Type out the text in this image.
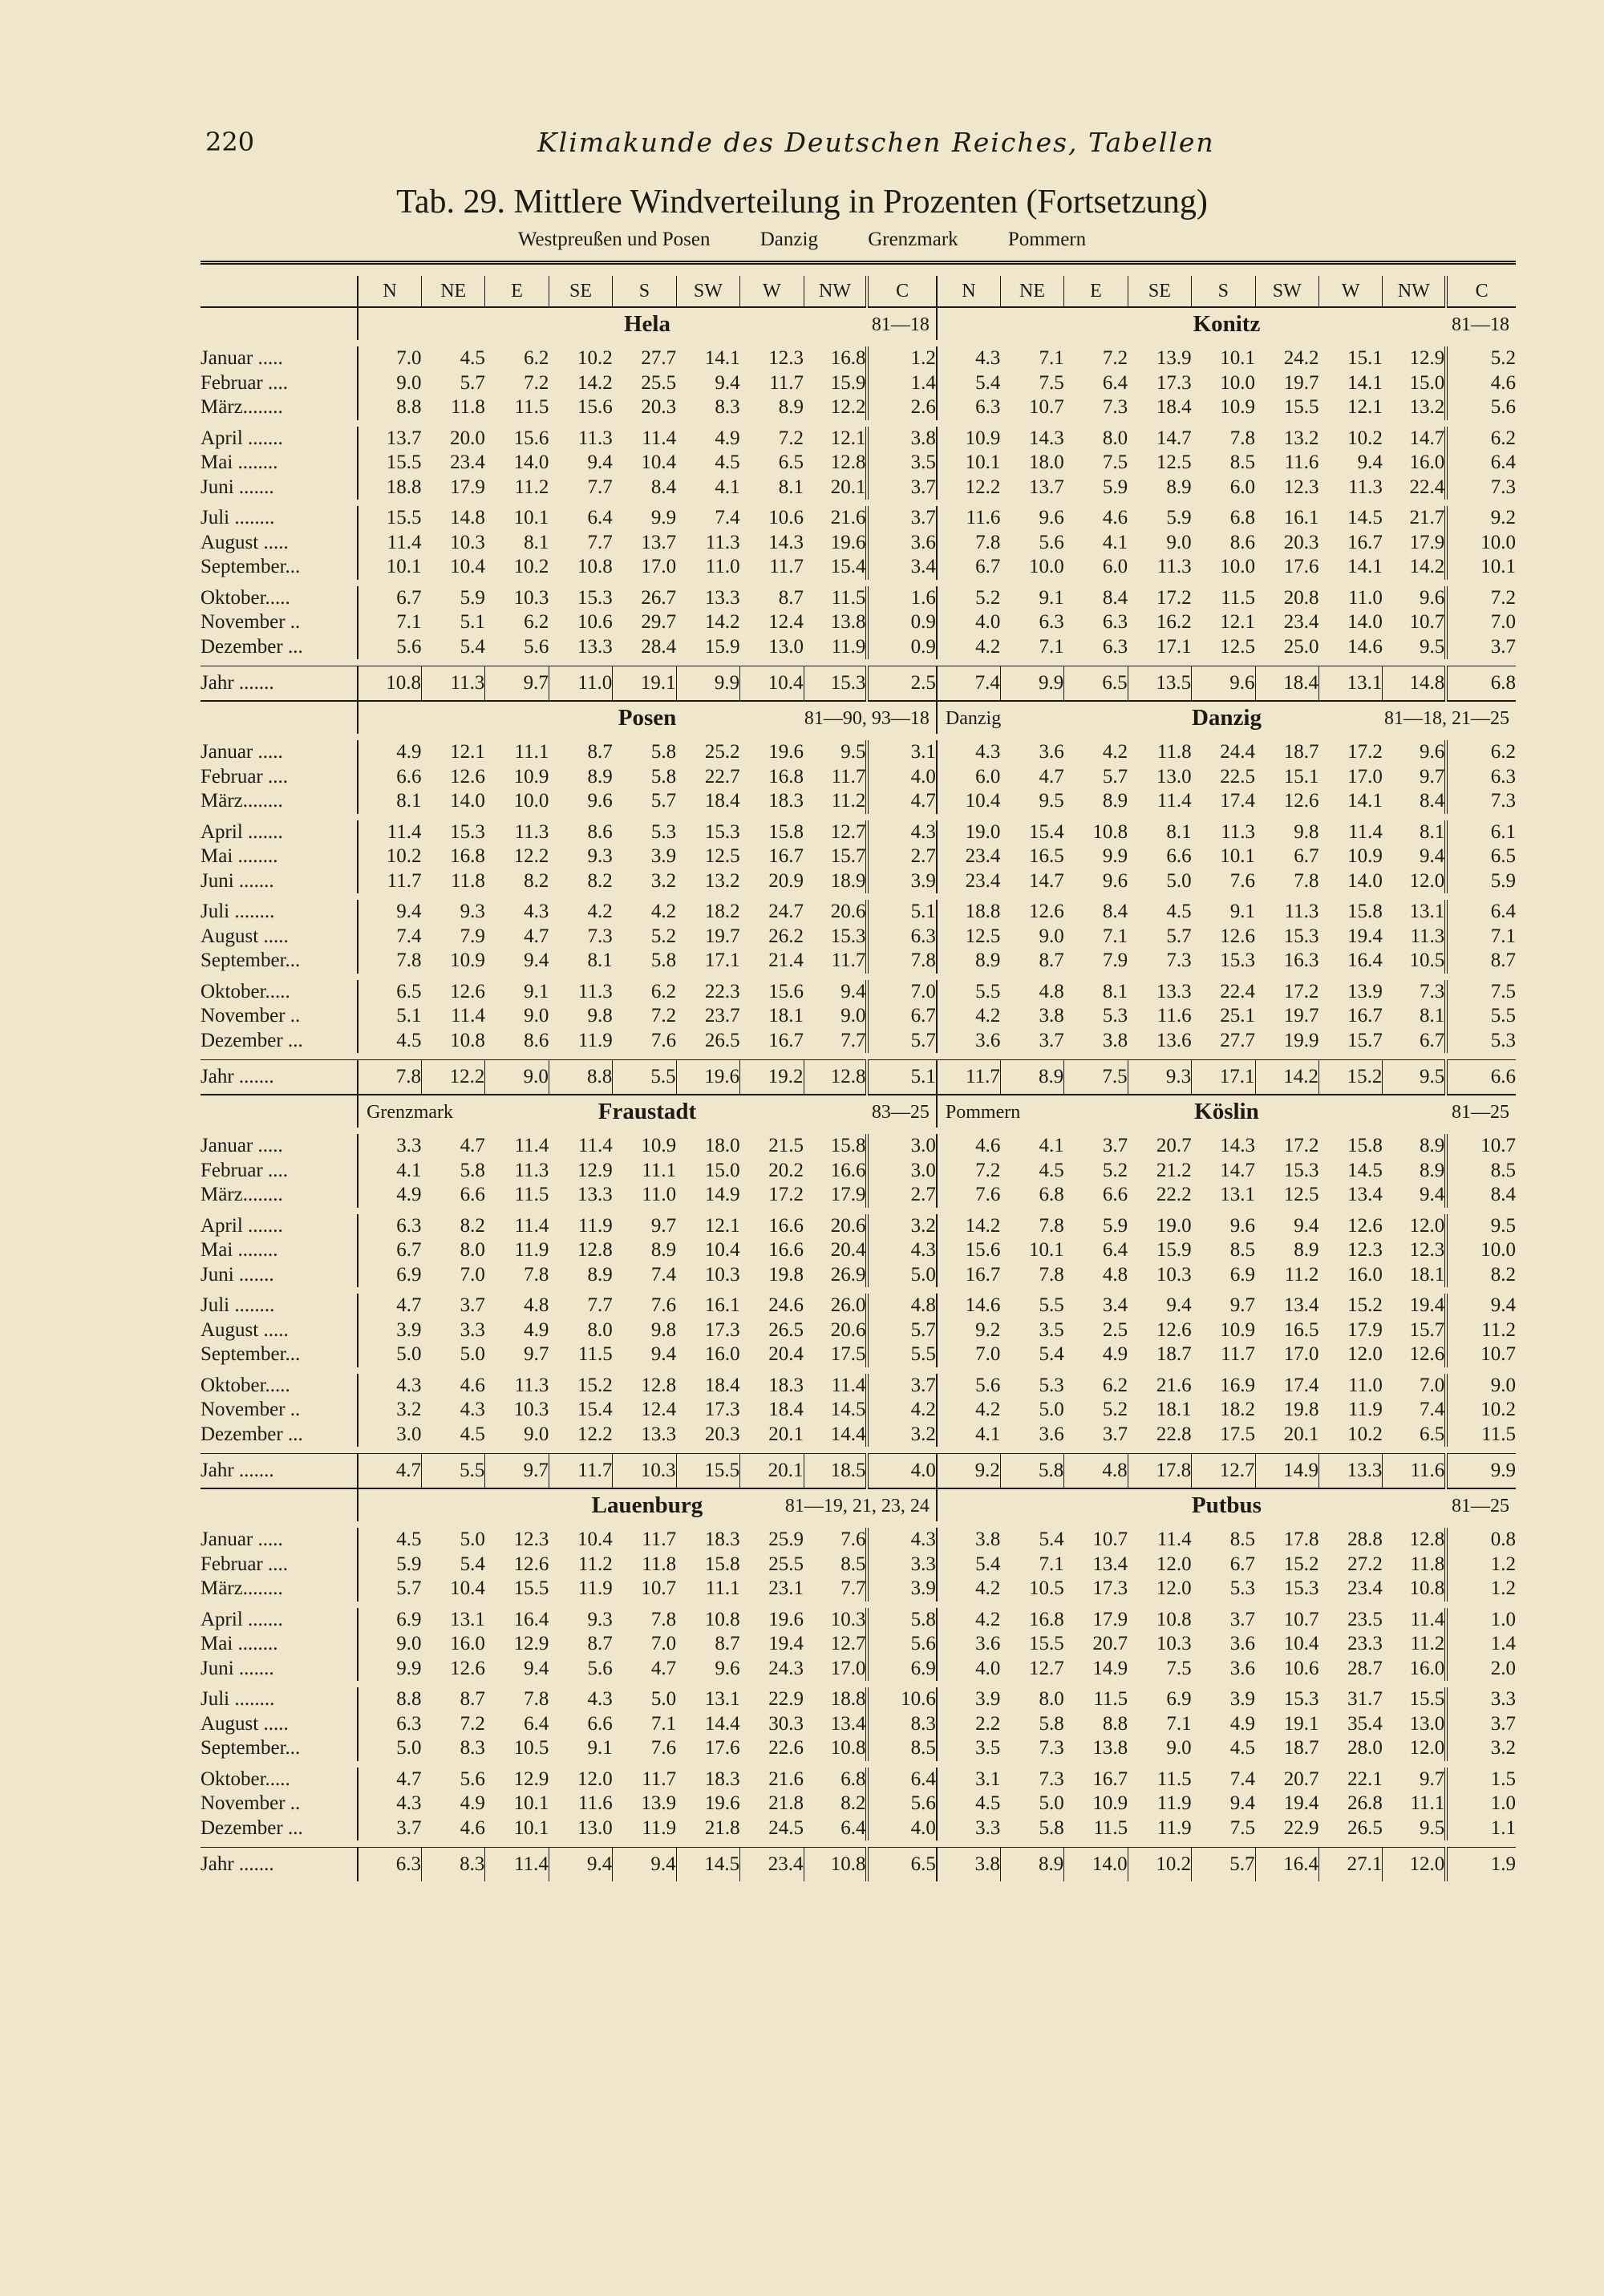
220	Klimakunde des Deutschen Reiches, Tabellen
Tab. 29. Mittlere Windverteilung in Prozenten (Fortsetzung)
Westpreußen und Posen Danzig Grenzmark Pommern

	N	NE	E	SE	S	SW	W	NW	C	N	NE	E	SE	S	SW	W	NW	C

	Hela 81—18									Konitz 81—18								

Januar .....	7.0	4.5	6.2	10.2	27.7	14.1	12.3	16.8	1.2	4.3	7.1	7.2	13.9	10.1	24.2	15.1	12.9	5.2
Februar ....	9.0	5.7	7.2	14.2	25.5	9.4	11.7	15.9	1.4	5.4	7.5	6.4	17.3	10.0	19.7	14.1	15.0	4.6
März........	8.8	11.8	11.5	15.6	20.3	8.3	8.9	12.2	2.6	6.3	10.7	7.3	18.4	10.9	15.5	12.1	13.2	5.6

April .......	13.7	20.0	15.6	11.3	11.4	4.9	7.2	12.1	3.8	10.9	14.3	8.0	14.7	7.8	13.2	10.2	14.7	6.2
Mai ........	15.5	23.4	14.0	9.4	10.4	4.5	6.5	12.8	3.5	10.1	18.0	7.5	12.5	8.5	11.6	9.4	16.0	6.4
Juni .......	18.8	17.9	11.2	7.7	8.4	4.1	8.1	20.1	3.7	12.2	13.7	5.9	8.9	6.0	12.3	11.3	22.4	7.3

Juli ........	15.5	14.8	10.1	6.4	9.9	7.4	10.6	21.6	3.7	11.6	9.6	4.6	5.9	6.8	16.1	14.5	21.7	9.2
August .....	11.4	10.3	8.1	7.7	13.7	11.3	14.3	19.6	3.6	7.8	5.6	4.1	9.0	8.6	20.3	16.7	17.9	10.0
September...	10.1	10.4	10.2	10.8	17.0	11.0	11.7	15.4	3.4	6.7	10.0	6.0	11.3	10.0	17.6	14.1	14.2	10.1

Oktober.....	6.7	5.9	10.3	15.3	26.7	13.3	8.7	11.5	1.6	5.2	9.1	8.4	17.2	11.5	20.8	11.0	9.6	7.2
November ..	7.1	5.1	6.2	10.6	29.7	14.2	12.4	13.8	0.9	4.0	6.3	6.3	16.2	12.1	23.4	14.0	10.7	7.0
Dezember ...	5.6	5.4	5.6	13.3	28.4	15.9	13.0	11.9	0.9	4.2	7.1	6.3	17.1	12.5	25.0	14.6	9.5	3.7

Jahr .......	10.8	11.3	9.7	11.0	19.1	9.9	10.4	15.3	2.5	7.4	9.9	6.5	13.5	9.6	18.4	13.1	14.8	6.8

	Posen 81—90, 93—18									Danzig Danzig 81—18, 21—25								

Januar .....	4.9	12.1	11.1	8.7	5.8	25.2	19.6	9.5	3.1	4.3	3.6	4.2	11.8	24.4	18.7	17.2	9.6	6.2
Februar ....	6.6	12.6	10.9	8.9	5.8	22.7	16.8	11.7	4.0	6.0	4.7	5.7	13.0	22.5	15.1	17.0	9.7	6.3
März........	8.1	14.0	10.0	9.6	5.7	18.4	18.3	11.2	4.7	10.4	9.5	8.9	11.4	17.4	12.6	14.1	8.4	7.3

April .......	11.4	15.3	11.3	8.6	5.3	15.3	15.8	12.7	4.3	19.0	15.4	10.8	8.1	11.3	9.8	11.4	8.1	6.1
Mai ........	10.2	16.8	12.2	9.3	3.9	12.5	16.7	15.7	2.7	23.4	16.5	9.9	6.6	10.1	6.7	10.9	9.4	6.5
Juni .......	11.7	11.8	8.2	8.2	3.2	13.2	20.9	18.9	3.9	23.4	14.7	9.6	5.0	7.6	7.8	14.0	12.0	5.9

Juli ........	9.4	9.3	4.3	4.2	4.2	18.2	24.7	20.6	5.1	18.8	12.6	8.4	4.5	9.1	11.3	15.8	13.1	6.4
August .....	7.4	7.9	4.7	7.3	5.2	19.7	26.2	15.3	6.3	12.5	9.0	7.1	5.7	12.6	15.3	19.4	11.3	7.1
September...	7.8	10.9	9.4	8.1	5.8	17.1	21.4	11.7	7.8	8.9	8.7	7.9	7.3	15.3	16.3	16.4	10.5	8.7

Oktober.....	6.5	12.6	9.1	11.3	6.2	22.3	15.6	9.4	7.0	5.5	4.8	8.1	13.3	22.4	17.2	13.9	7.3	7.5
November ..	5.1	11.4	9.0	9.8	7.2	23.7	18.1	9.0	6.7	4.2	3.8	5.3	11.6	25.1	19.7	16.7	8.1	5.5
Dezember ...	4.5	10.8	8.6	11.9	7.6	26.5	16.7	7.7	5.7	3.6	3.7	3.8	13.6	27.7	19.9	15.7	6.7	5.3

Jahr .......	7.8	12.2	9.0	8.8	5.5	19.6	19.2	12.8	5.1	11.7	8.9	7.5	9.3	17.1	14.2	15.2	9.5	6.6

	Grenzmark Fraustadt 83—25									Pommern Köslin 81—25								

Januar .....	3.3	4.7	11.4	11.4	10.9	18.0	21.5	15.8	3.0	4.6	4.1	3.7	20.7	14.3	17.2	15.8	8.9	10.7
Februar ....	4.1	5.8	11.3	12.9	11.1	15.0	20.2	16.6	3.0	7.2	4.5	5.2	21.2	14.7	15.3	14.5	8.9	8.5
März........	4.9	6.6	11.5	13.3	11.0	14.9	17.2	17.9	2.7	7.6	6.8	6.6	22.2	13.1	12.5	13.4	9.4	8.4

April .......	6.3	8.2	11.4	11.9	9.7	12.1	16.6	20.6	3.2	14.2	7.8	5.9	19.0	9.6	9.4	12.6	12.0	9.5
Mai ........	6.7	8.0	11.9	12.8	8.9	10.4	16.6	20.4	4.3	15.6	10.1	6.4	15.9	8.5	8.9	12.3	12.3	10.0
Juni .......	6.9	7.0	7.8	8.9	7.4	10.3	19.8	26.9	5.0	16.7	7.8	4.8	10.3	6.9	11.2	16.0	18.1	8.2

Juli ........	4.7	3.7	4.8	7.7	7.6	16.1	24.6	26.0	4.8	14.6	5.5	3.4	9.4	9.7	13.4	15.2	19.4	9.4
August .....	3.9	3.3	4.9	8.0	9.8	17.3	26.5	20.6	5.7	9.2	3.5	2.5	12.6	10.9	16.5	17.9	15.7	11.2
September...	5.0	5.0	9.7	11.5	9.4	16.0	20.4	17.5	5.5	7.0	5.4	4.9	18.7	11.7	17.0	12.0	12.6	10.7

Oktober.....	4.3	4.6	11.3	15.2	12.8	18.4	18.3	11.4	3.7	5.6	5.3	6.2	21.6	16.9	17.4	11.0	7.0	9.0
November ..	3.2	4.3	10.3	15.4	12.4	17.3	18.4	14.5	4.2	4.2	5.0	5.2	18.1	18.2	19.8	11.9	7.4	10.2
Dezember ...	3.0	4.5	9.0	12.2	13.3	20.3	20.1	14.4	3.2	4.1	3.6	3.7	22.8	17.5	20.1	10.2	6.5	11.5

Jahr .......	4.7	5.5	9.7	11.7	10.3	15.5	20.1	18.5	4.0	9.2	5.8	4.8	17.8	12.7	14.9	13.3	11.6	9.9

	Lauenburg 81—19, 21, 23, 24									Putbus 81—25								

Januar .....	4.5	5.0	12.3	10.4	11.7	18.3	25.9	7.6	4.3	3.8	5.4	10.7	11.4	8.5	17.8	28.8	12.8	0.8
Februar ....	5.9	5.4	12.6	11.2	11.8	15.8	25.5	8.5	3.3	5.4	7.1	13.4	12.0	6.7	15.2	27.2	11.8	1.2
März........	5.7	10.4	15.5	11.9	10.7	11.1	23.1	7.7	3.9	4.2	10.5	17.3	12.0	5.3	15.3	23.4	10.8	1.2

April .......	6.9	13.1	16.4	9.3	7.8	10.8	19.6	10.3	5.8	4.2	16.8	17.9	10.8	3.7	10.7	23.5	11.4	1.0
Mai ........	9.0	16.0	12.9	8.7	7.0	8.7	19.4	12.7	5.6	3.6	15.5	20.7	10.3	3.6	10.4	23.3	11.2	1.4
Juni .......	9.9	12.6	9.4	5.6	4.7	9.6	24.3	17.0	6.9	4.0	12.7	14.9	7.5	3.6	10.6	28.7	16.0	2.0

Juli ........	8.8	8.7	7.8	4.3	5.0	13.1	22.9	18.8	10.6	3.9	8.0	11.5	6.9	3.9	15.3	31.7	15.5	3.3
August .....	6.3	7.2	6.4	6.6	7.1	14.4	30.3	13.4	8.3	2.2	5.8	8.8	7.1	4.9	19.1	35.4	13.0	3.7
September...	5.0	8.3	10.5	9.1	7.6	17.6	22.6	10.8	8.5	3.5	7.3	13.8	9.0	4.5	18.7	28.0	12.0	3.2

Oktober.....	4.7	5.6	12.9	12.0	11.7	18.3	21.6	6.8	6.4	3.1	7.3	16.7	11.5	7.4	20.7	22.1	9.7	1.5
November ..	4.3	4.9	10.1	11.6	13.9	19.6	21.8	8.2	5.6	4.5	5.0	10.9	11.9	9.4	19.4	26.8	11.1	1.0
Dezember ...	3.7	4.6	10.1	13.0	11.9	21.8	24.5	6.4	4.0	3.3	5.8	11.5	11.9	7.5	22.9	26.5	9.5	1.1

Jahr .......	6.3	8.3	11.4	9.4	9.4	14.5	23.4	10.8	6.5	3.8	8.9	14.0	10.2	5.7	16.4	27.1	12.0	1.9
